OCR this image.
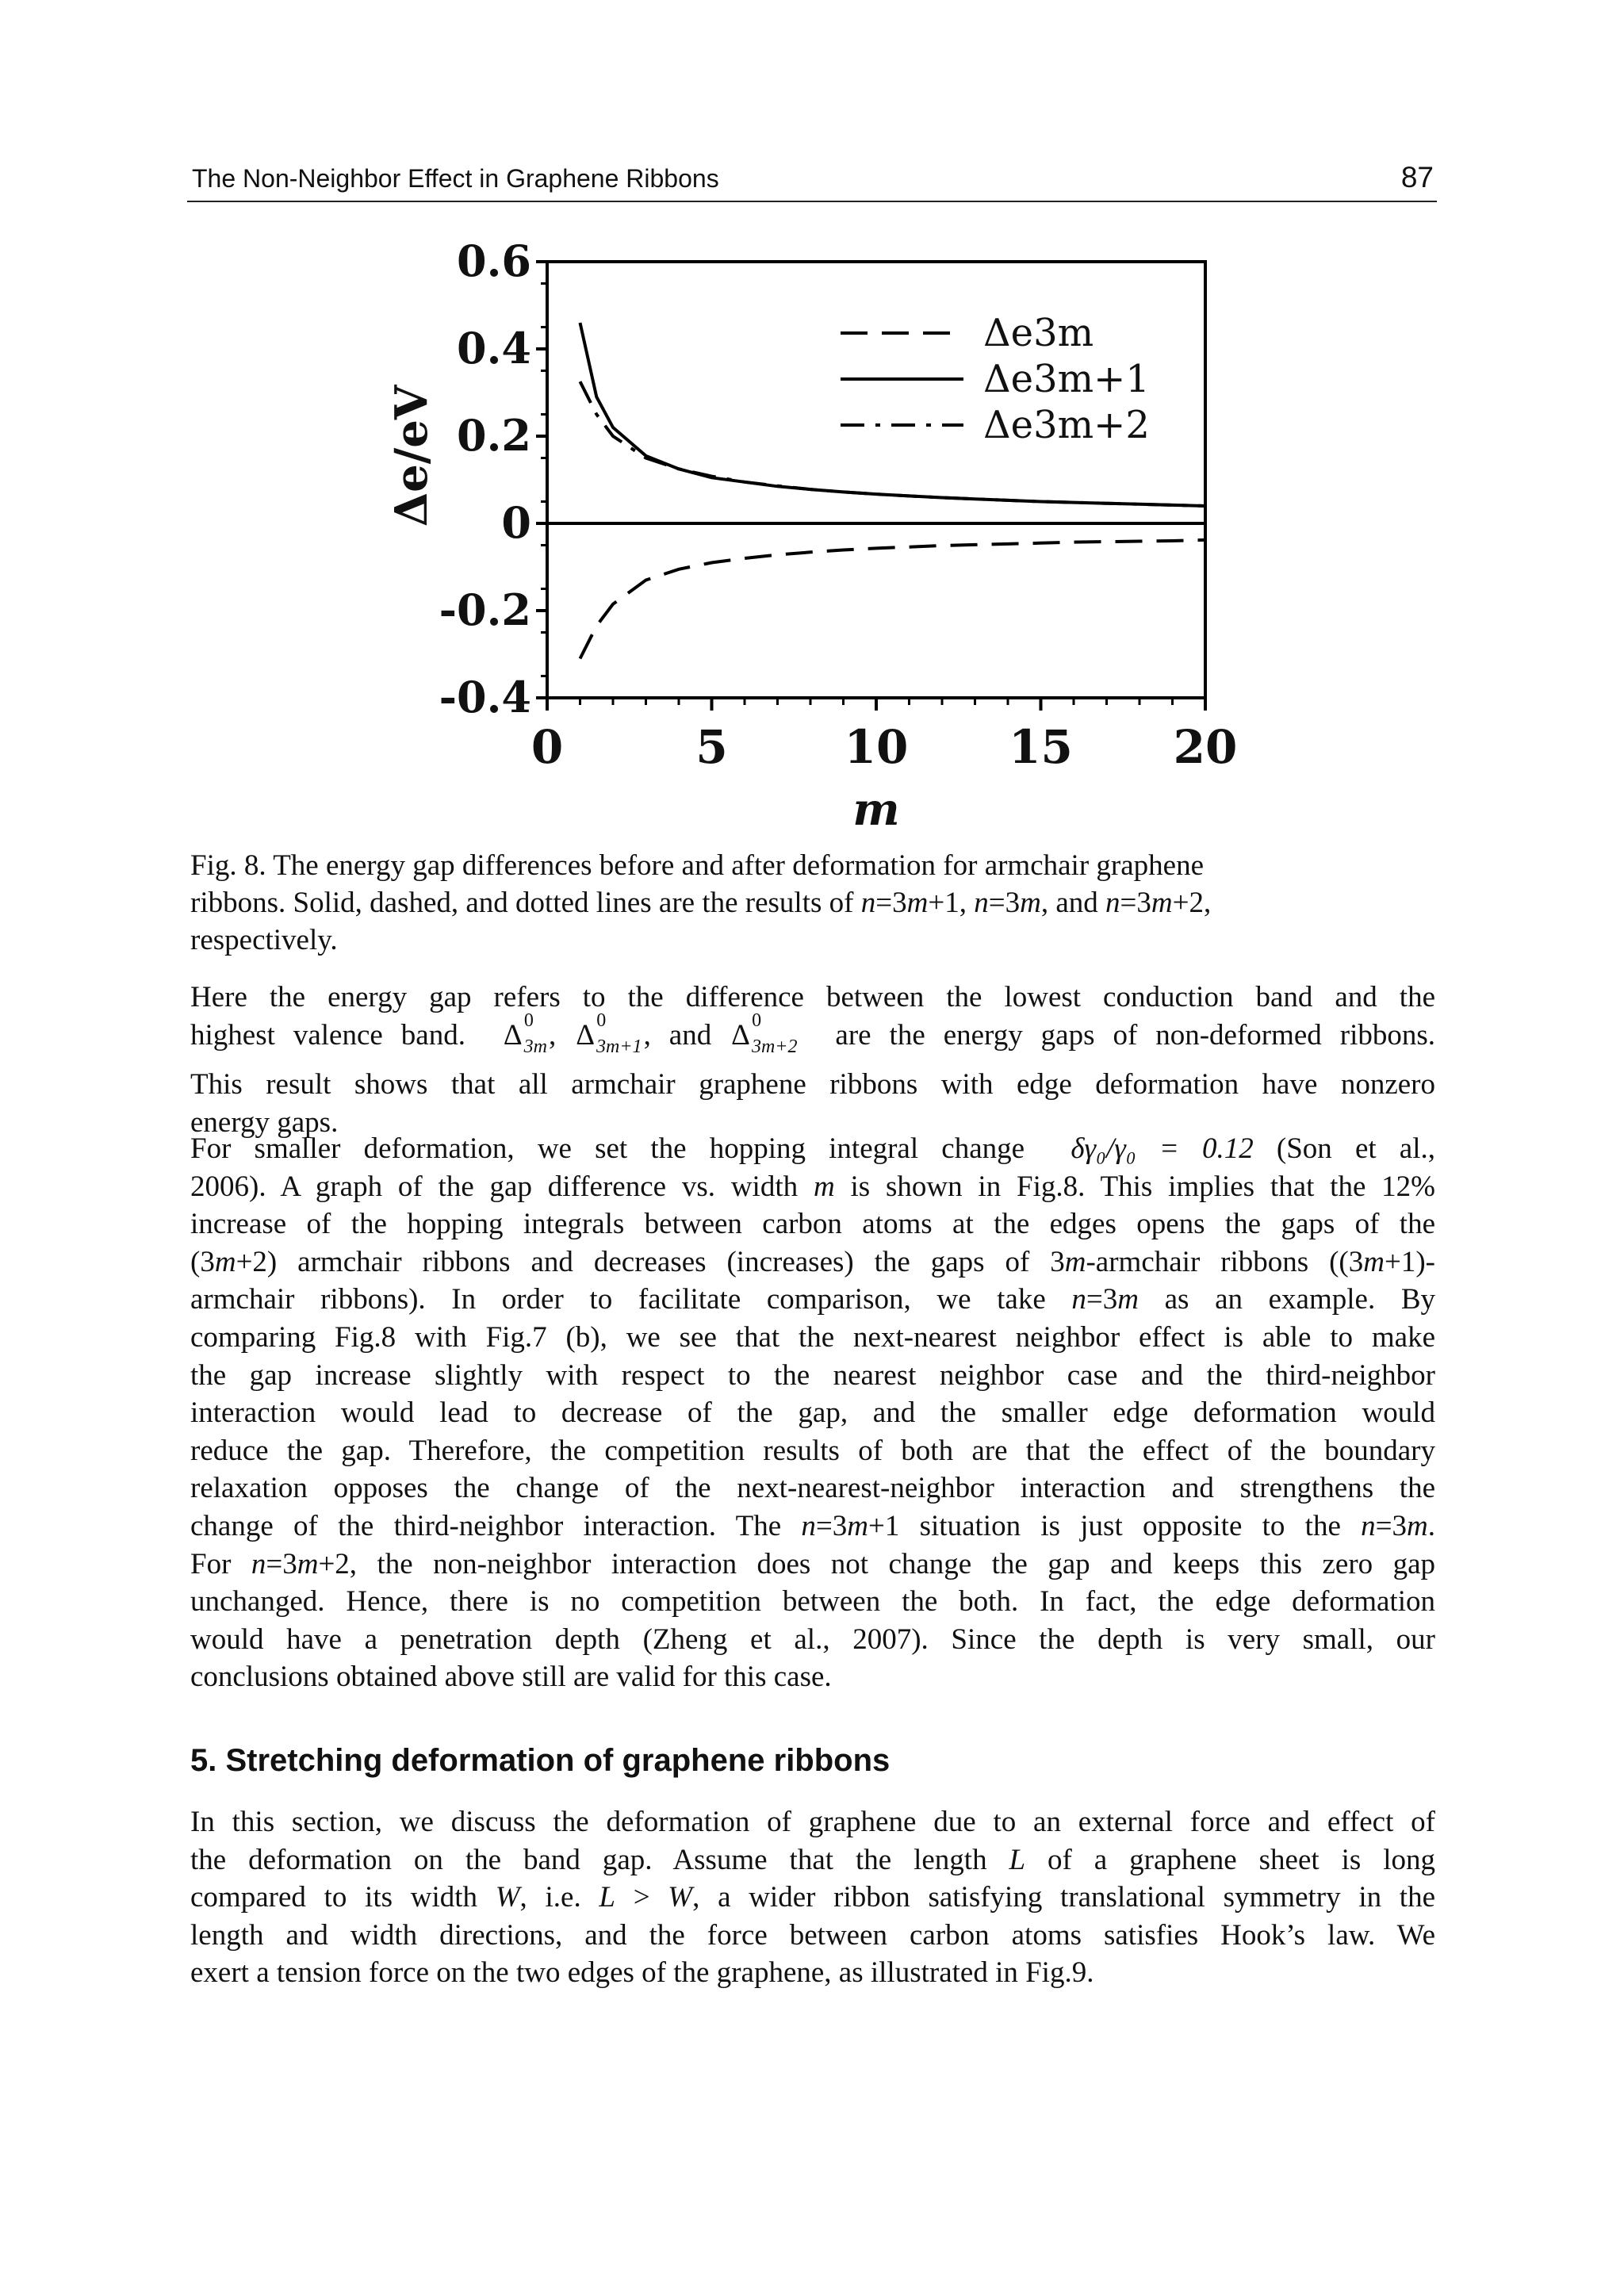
The Non-Neighbor Effect in Graphene Ribbons	87
0.6
0.4
0.2
0
-0.2
-0.4
0	5	10 15 20
Δe3m
Δe3m+1
Δe3m+2
m
Δe/eV
Fig. 8. The energy gap differences before and after deformation for armchair graphene
ribbons. Solid, dashed, and dotted lines are the results of n=3m+1, n=3m, and n=3m+2,
respectively.
Here the energy gap refers to the difference between the lowest conduction band and the
highest valence band. Δ 0
$_{3m}$, Δ 0
$_{3m+1}$, and Δ 0
$_{3m+2}$ are the energy gaps of non-deformed ribbons.
This result shows that all armchair graphene ribbons with edge deformation have nonzero
energy gaps.
For smaller deformation, we set the hopping integral change δγ₀/γ₀ = 0.12 (Son et al.,
2006). A graph of the gap difference vs. width m is shown in Fig.8. This implies that the 12%
increase of the hopping integrals between carbon atoms at the edges opens the gaps of the
(3m+2) armchair ribbons and decreases (increases) the gaps of 3m-armchair ribbons ((3m+1)-
armchair ribbons). In order to facilitate comparison, we take n=3m as an example. By
comparing Fig.8 with Fig.7 (b), we see that the next-nearest neighbor effect is able to make
the gap increase slightly with respect to the nearest neighbor case and the third-neighbor
interaction would lead to decrease of the gap, and the smaller edge deformation would
reduce the gap. Therefore, the competition results of both are that the effect of the boundary
relaxation opposes the change of the next-nearest-neighbor interaction and strengthens the
change of the third-neighbor interaction. The n=3m+1 situation is just opposite to the n=3m.
For n=3m+2, the non-neighbor interaction does not change the gap and keeps this zero gap
unchanged. Hence, there is no competition between the both. In fact, the edge deformation
would have a penetration depth (Zheng et al., 2007). Since the depth is very small, our
conclusions obtained above still are valid for this case.
5. Stretching deformation of graphene ribbons
In this section, we discuss the deformation of graphene due to an external force and effect of
the deformation on the band gap. Assume that the length L of a graphene sheet is long
compared to its width W, i.e. L > W, a wider ribbon satisfying translational symmetry in the
length and width directions, and the force between carbon atoms satisfies Hook’s law. We
exert a tension force on the two edges of the graphene, as illustrated in Fig.9.
